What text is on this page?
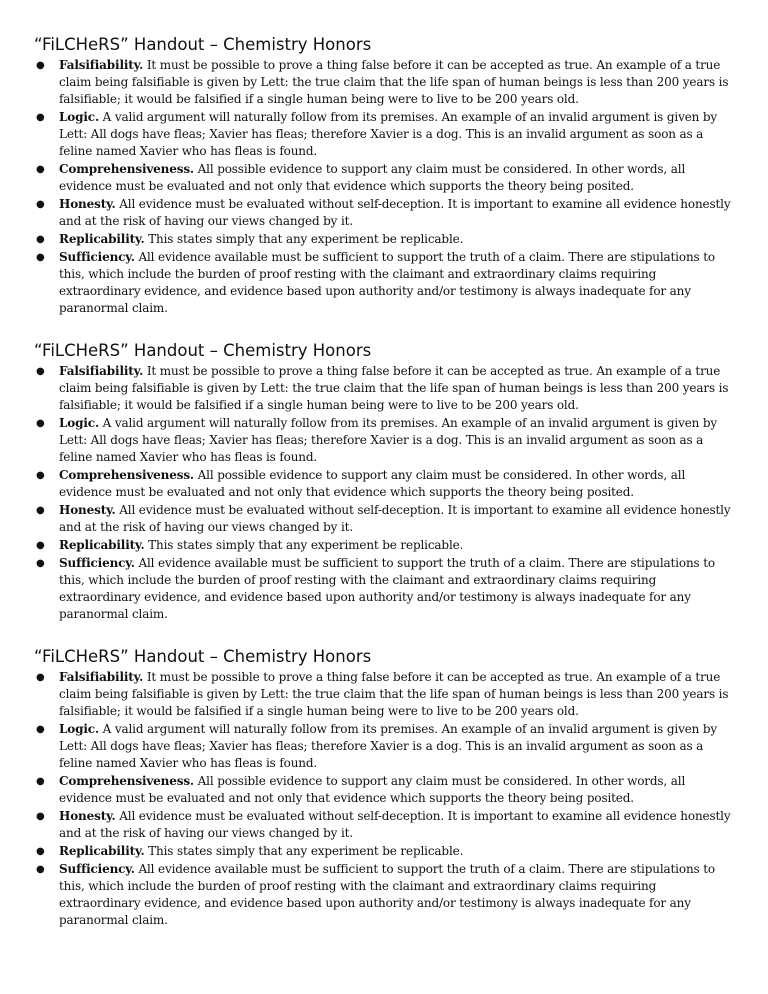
“FiLCHeRS” Handout – Chemistry Honors
● Falsifiability. It must be possible to prove a thing false before it can be accepted as true. An example of a true claim being falsifiable is given by Lett: the true claim that the life span of human beings is less than 200 years is falsifiable; it would be falsified if a single human being were to live to be 200 years old.
● Logic. A valid argument will naturally follow from its premises. An example of an invalid argument is given by Lett: All dogs have fleas; Xavier has fleas; therefore Xavier is a dog. This is an invalid argument as soon as a feline named Xavier who has fleas is found.
● Comprehensiveness. All possible evidence to support any claim must be considered. In other words, all evidence must be evaluated and not only that evidence which supports the theory being posited.
● Honesty. All evidence must be evaluated without self-deception. It is important to examine all evidence honestly and at the risk of having our views changed by it.
● Replicability. This states simply that any experiment be replicable.
● Sufficiency. All evidence available must be sufficient to support the truth of a claim. There are stipulations to this, which include the burden of proof resting with the claimant and extraordinary claims requiring extraordinary evidence, and evidence based upon authority and/or testimony is always inadequate for any paranormal claim.
“FiLCHeRS” Handout – Chemistry Honors
● Falsifiability. It must be possible to prove a thing false before it can be accepted as true. An example of a true claim being falsifiable is given by Lett: the true claim that the life span of human beings is less than 200 years is falsifiable; it would be falsified if a single human being were to live to be 200 years old.
● Logic. A valid argument will naturally follow from its premises. An example of an invalid argument is given by Lett: All dogs have fleas; Xavier has fleas; therefore Xavier is a dog. This is an invalid argument as soon as a feline named Xavier who has fleas is found.
● Comprehensiveness. All possible evidence to support any claim must be considered. In other words, all evidence must be evaluated and not only that evidence which supports the theory being posited.
● Honesty. All evidence must be evaluated without self-deception. It is important to examine all evidence honestly and at the risk of having our views changed by it.
● Replicability. This states simply that any experiment be replicable.
● Sufficiency. All evidence available must be sufficient to support the truth of a claim. There are stipulations to this, which include the burden of proof resting with the claimant and extraordinary claims requiring extraordinary evidence, and evidence based upon authority and/or testimony is always inadequate for any paranormal claim.
“FiLCHeRS” Handout – Chemistry Honors
● Falsifiability. It must be possible to prove a thing false before it can be accepted as true. An example of a true claim being falsifiable is given by Lett: the true claim that the life span of human beings is less than 200 years is falsifiable; it would be falsified if a single human being were to live to be 200 years old.
● Logic. A valid argument will naturally follow from its premises. An example of an invalid argument is given by Lett: All dogs have fleas; Xavier has fleas; therefore Xavier is a dog. This is an invalid argument as soon as a feline named Xavier who has fleas is found.
● Comprehensiveness. All possible evidence to support any claim must be considered. In other words, all evidence must be evaluated and not only that evidence which supports the theory being posited.
● Honesty. All evidence must be evaluated without self-deception. It is important to examine all evidence honestly and at the risk of having our views changed by it.
● Replicability. This states simply that any experiment be replicable.
● Sufficiency. All evidence available must be sufficient to support the truth of a claim. There are stipulations to this, which include the burden of proof resting with the claimant and extraordinary claims requiring extraordinary evidence, and evidence based upon authority and/or testimony is always inadequate for any paranormal claim.
